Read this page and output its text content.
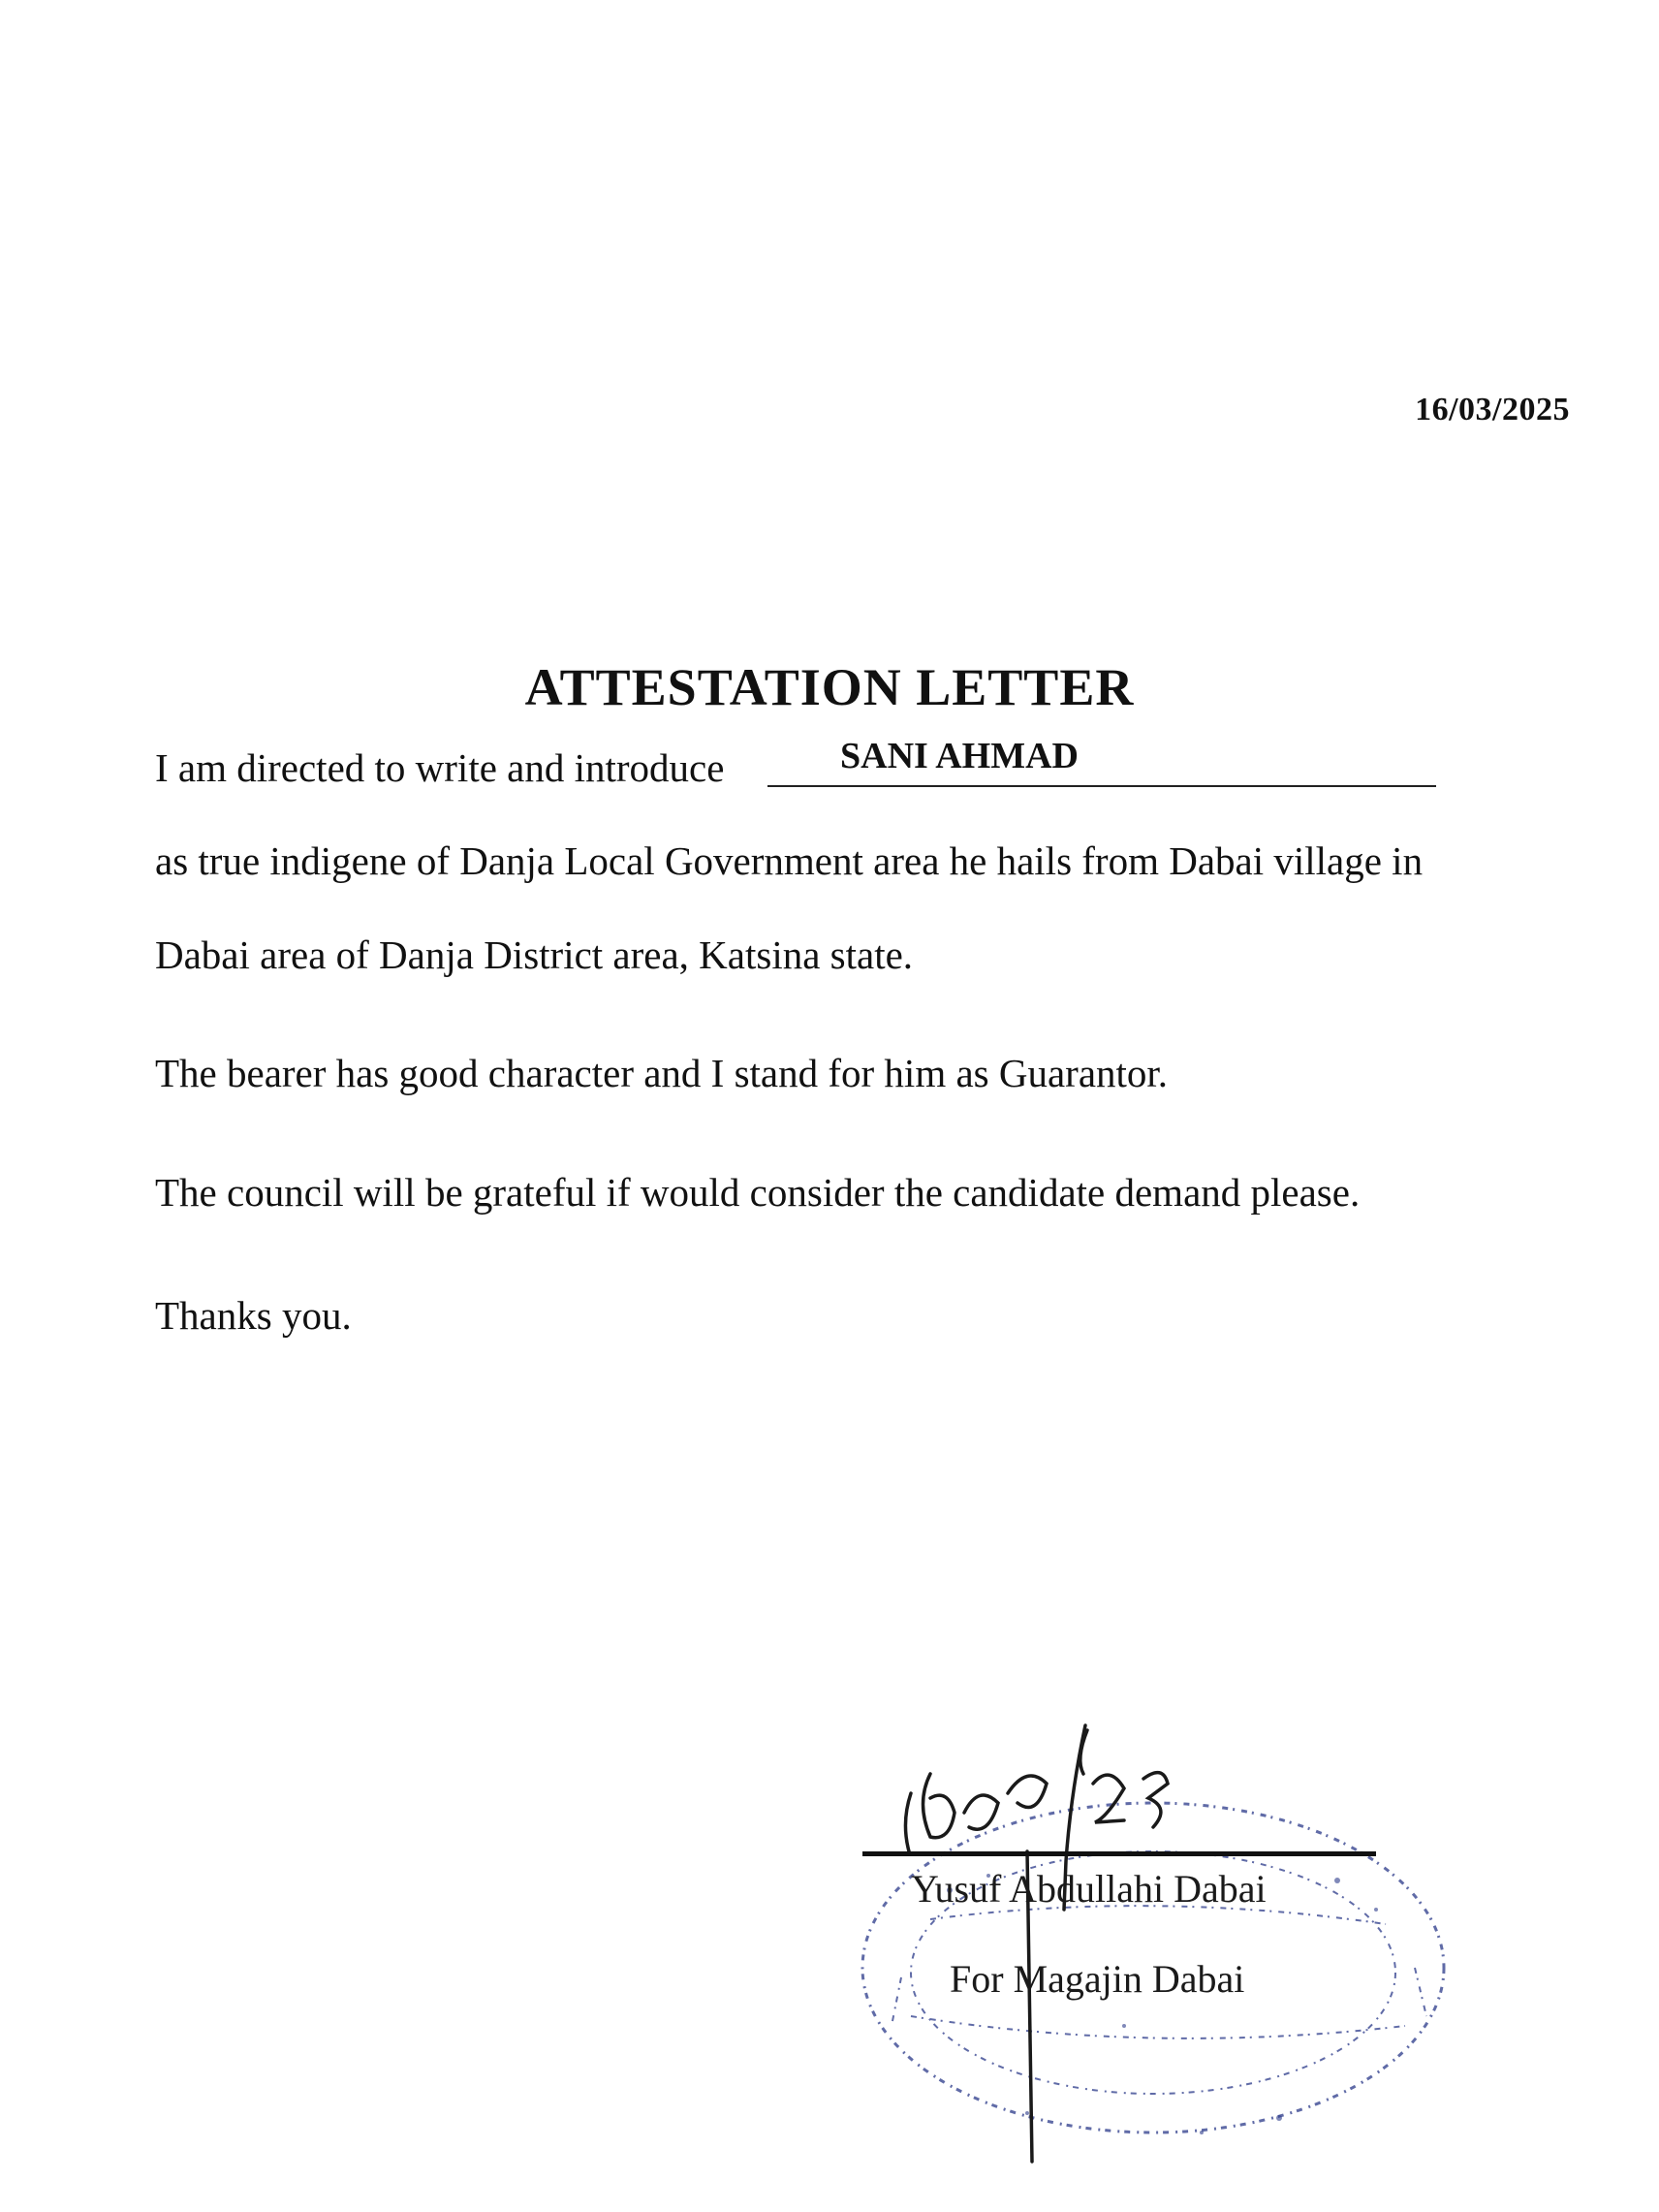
16/03/2025
ATTESTATION LETTER
I am directed to write and introduce	SANI AHMAD
as true indigene of Danja Local Government area he hails from Dabai village in
Dabai area of Danja District area, Katsina state.
The bearer has good character and I stand for him as Guarantor.
The council will be grateful if would consider the candidate demand please.
Thanks you.
Yusuf Abdullahi Dabai
For Magajin Dabai
